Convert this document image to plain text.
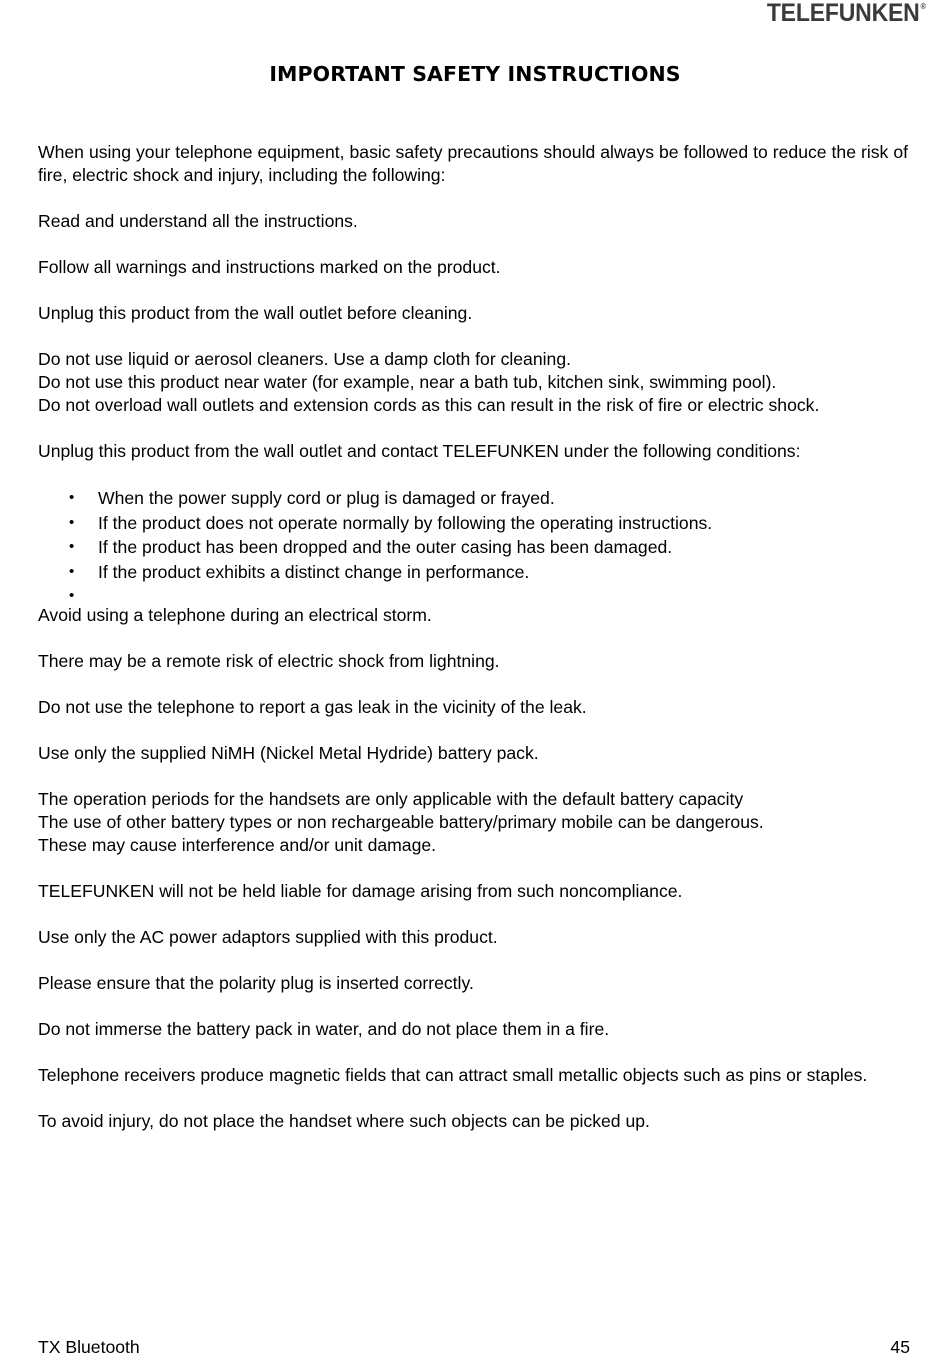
TELEFUNKEN®
IMPORTANT SAFETY INSTRUCTIONS

When using your telephone equipment, basic safety precautions should always be followed to reduce the risk of fire, electric shock and injury, including the following:

Read and understand all the instructions.

Follow all warnings and instructions marked on the product.

Unplug this product from the wall outlet before cleaning.

Do not use liquid or aerosol cleaners. Use a damp cloth for cleaning.

Do not use this product near water (for example, near a bath tub, kitchen sink, swimming pool).

Do not overload wall outlets and extension cords as this can result in the risk of fire or electric shock.

Unplug this product from the wall outlet and contact TELEFUNKEN under the following conditions:

• When the power supply cord or plug is damaged or frayed.
• If the product does not operate normally by following the operating instructions.
• If the product has been dropped and the outer casing has been damaged.
• If the product exhibits a distinct change in performance.
•

Avoid using a telephone during an electrical storm.

There may be a remote risk of electric shock from lightning.

Do not use the telephone to report a gas leak in the vicinity of the leak.

Use only the supplied NiMH (Nickel Metal Hydride) battery pack.

The operation periods for the handsets are only applicable with the default battery capacity

The use of other battery types or non rechargeable battery/primary mobile can be dangerous.

These may cause interference and/or unit damage.

TELEFUNKEN will not be held liable for damage arising from such noncompliance.

Use only the AC power adaptors supplied with this product.

Please ensure that the polarity plug is inserted correctly.

Do not immerse the battery pack in water, and do not place them in a fire.

Telephone receivers produce magnetic fields that can attract small metallic objects such as pins or staples.

To avoid injury, do not place the handset where such objects can be picked up.

TX Bluetooth	45
